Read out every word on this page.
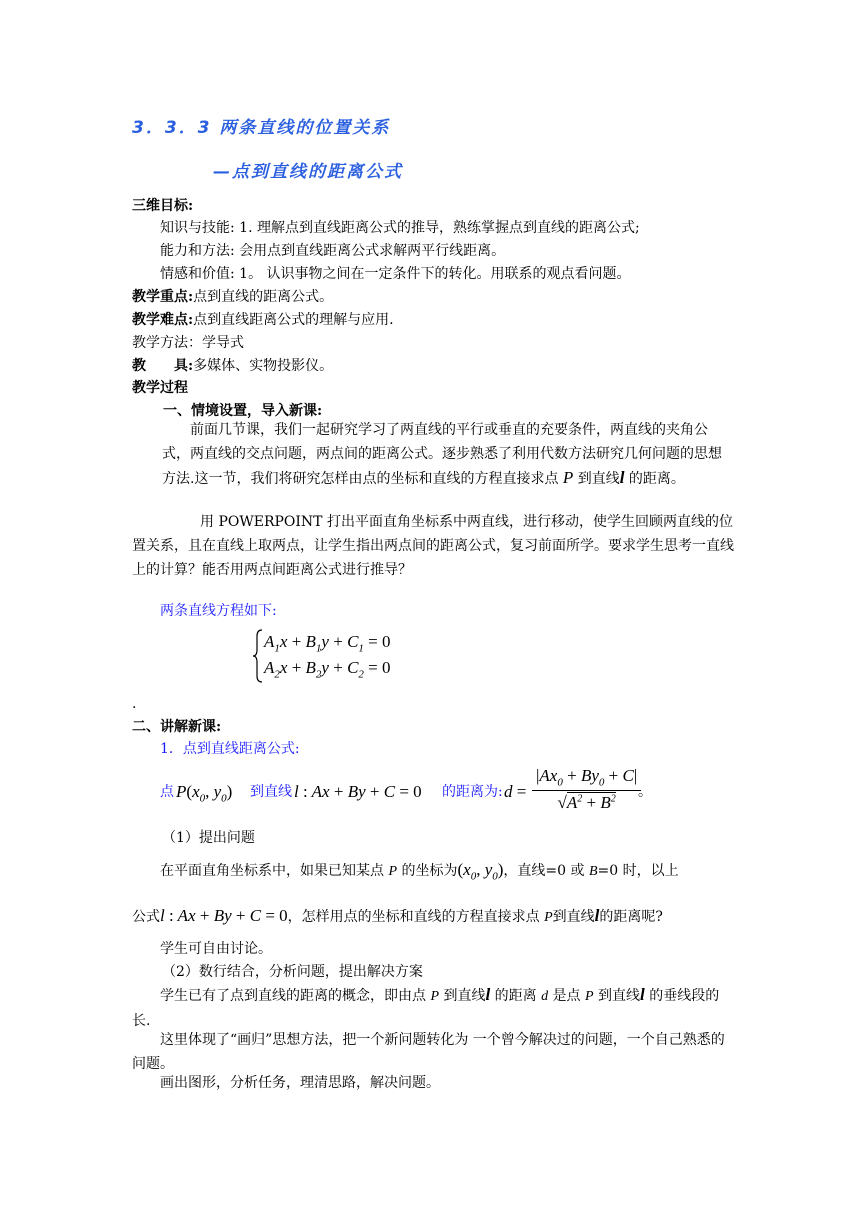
3．3．3 两条直线的位置关系
—点到直线的距离公式
三维目标:
知识与技能: 1. 理解点到直线距离公式的推导，熟练掌握点到直线的距离公式;
能力和方法: 会用点到直线距离公式求解两平行线距离。
情感和价值: 1。 认识事物之间在一定条件下的转化。用联系的观点看问题。
教学重点:点到直线的距离公式。
教学难点:点到直线距离公式的理解与应用.
教学方法：学导式
教　　具:多媒体、实物投影仪。
教学过程
一、情境设置，导入新课:
前面几节课，我们一起研究学习了两直线的平行或垂直的充要条件，两直线的夹角公式，两直线的交点问题，两点间的距离公式。逐步熟悉了利用代数方法研究几何问题的思想方法.这一节，我们将研究怎样由点的坐标和直线的方程直接求点 P 到直线l 的距离。
用 POWERPOINT 打出平面直角坐标系中两直线，进行移动，使学生回顾两直线的位置关系，且在直线上取两点，让学生指出两点间的距离公式，复习前面所学。要求学生思考一直线上的计算？能否用两点间距离公式进行推导？
两条直线方程如下:
$A_1x + B_1y + C_1 = 0$
$A_2x + B_2y + C_2 = 0$
.
二、讲解新课:
1．点到直线距离公式:
点 $P(x_0$, $y_0$) 到直线 l : Ax + By + C = 0 的距离为: $d = \frac{|Ax_0 + By_0 + C|}{√A^2 + B^2}$
。
（1）提出问题
在平面直角坐标系中，如果已知某点 P 的坐标为($x_0$, $y_0$)，直线=0 或 B=0 时，以上
公式l : Ax + By + C = 0，怎样用点的坐标和直线的方程直接求点 P到直线l的距离呢?
学生可自由讨论。
（2）数行结合，分析问题，提出解决方案
学生已有了点到直线的距离的概念，即由点 P 到直线l 的距离 d 是点 P 到直线l 的垂线段的长.
这里体现了“画归”思想方法，把一个新问题转化为 一个曾今解决过的问题，一个自己熟悉的问题。
画出图形，分析任务，理清思路，解决问题。
